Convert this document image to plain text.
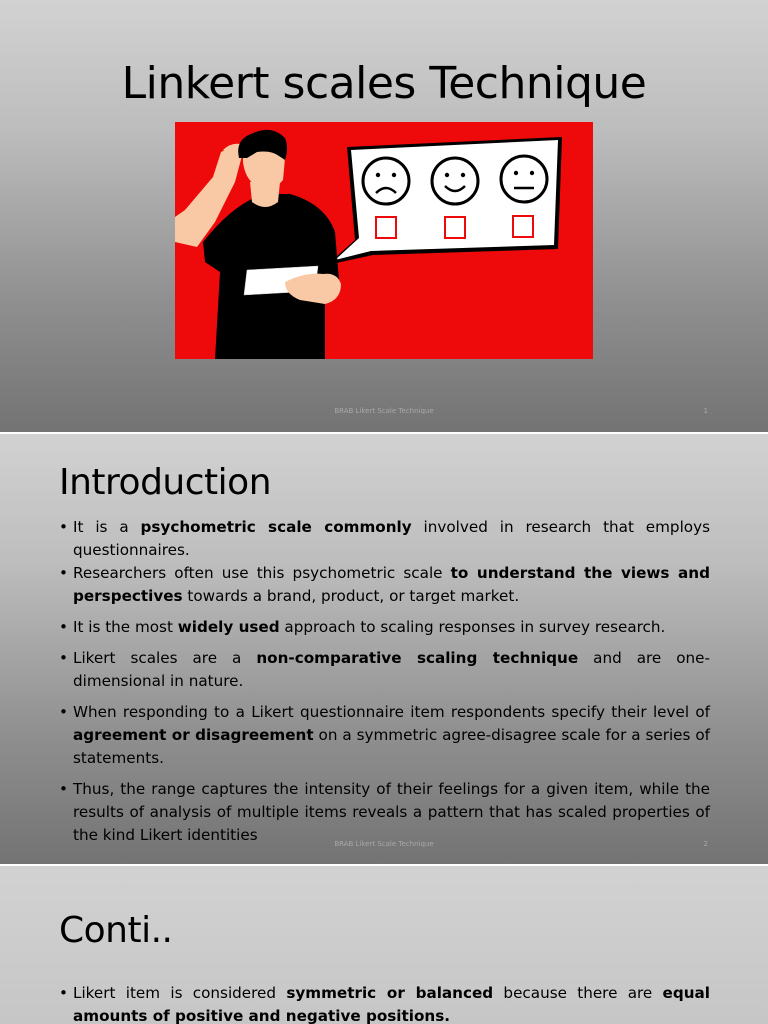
Linkert scales Technique
BRAB Likert Scale Technique	1
Introduction
• It is a psychometric scale commonly involved in research that employs questionnaires.
• Researchers often use this psychometric scale to understand the views and perspectives towards a brand, product, or target market.
• It is the most widely used approach to scaling responses in survey research.
• Likert scales are a non-comparative scaling technique and are one-dimensional in nature.
• When responding to a Likert questionnaire item respondents specify their level of agreement or disagreement on a symmetric agree-disagree scale for a series of statements.
• Thus, the range captures the intensity of their feelings for a given item, while the results of analysis of multiple items reveals a pattern that has scaled properties of the kind Likert identities	BRAB Likert Scale Technique	2
Conti..
• Likert item is considered symmetric or balanced because there are equal amounts of positive and negative positions.
